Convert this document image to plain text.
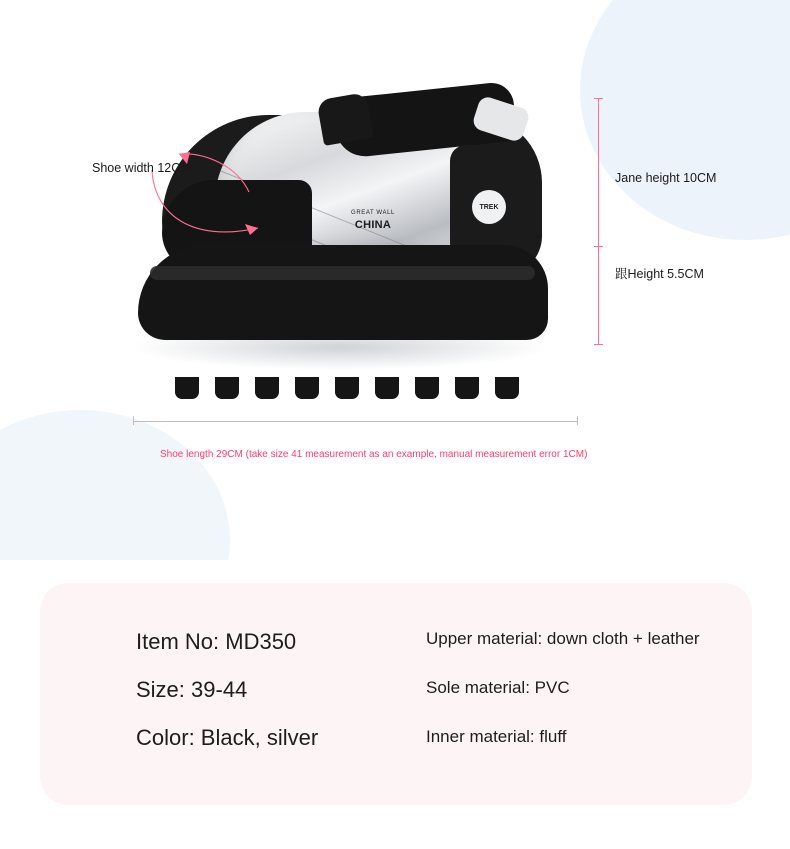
TREK
GREAT WALL
CHINA
Jane height 10CM
跟Height 5.5CM
Shoe width 12CM
Shoe length 29CM (take size 41 measurement as an example, manual measurement error 1CM)
Item No: MD350
Size: 39-44
Color: Black, silver
Upper material: down cloth + leather
Sole material: PVC
Inner material: fluff
